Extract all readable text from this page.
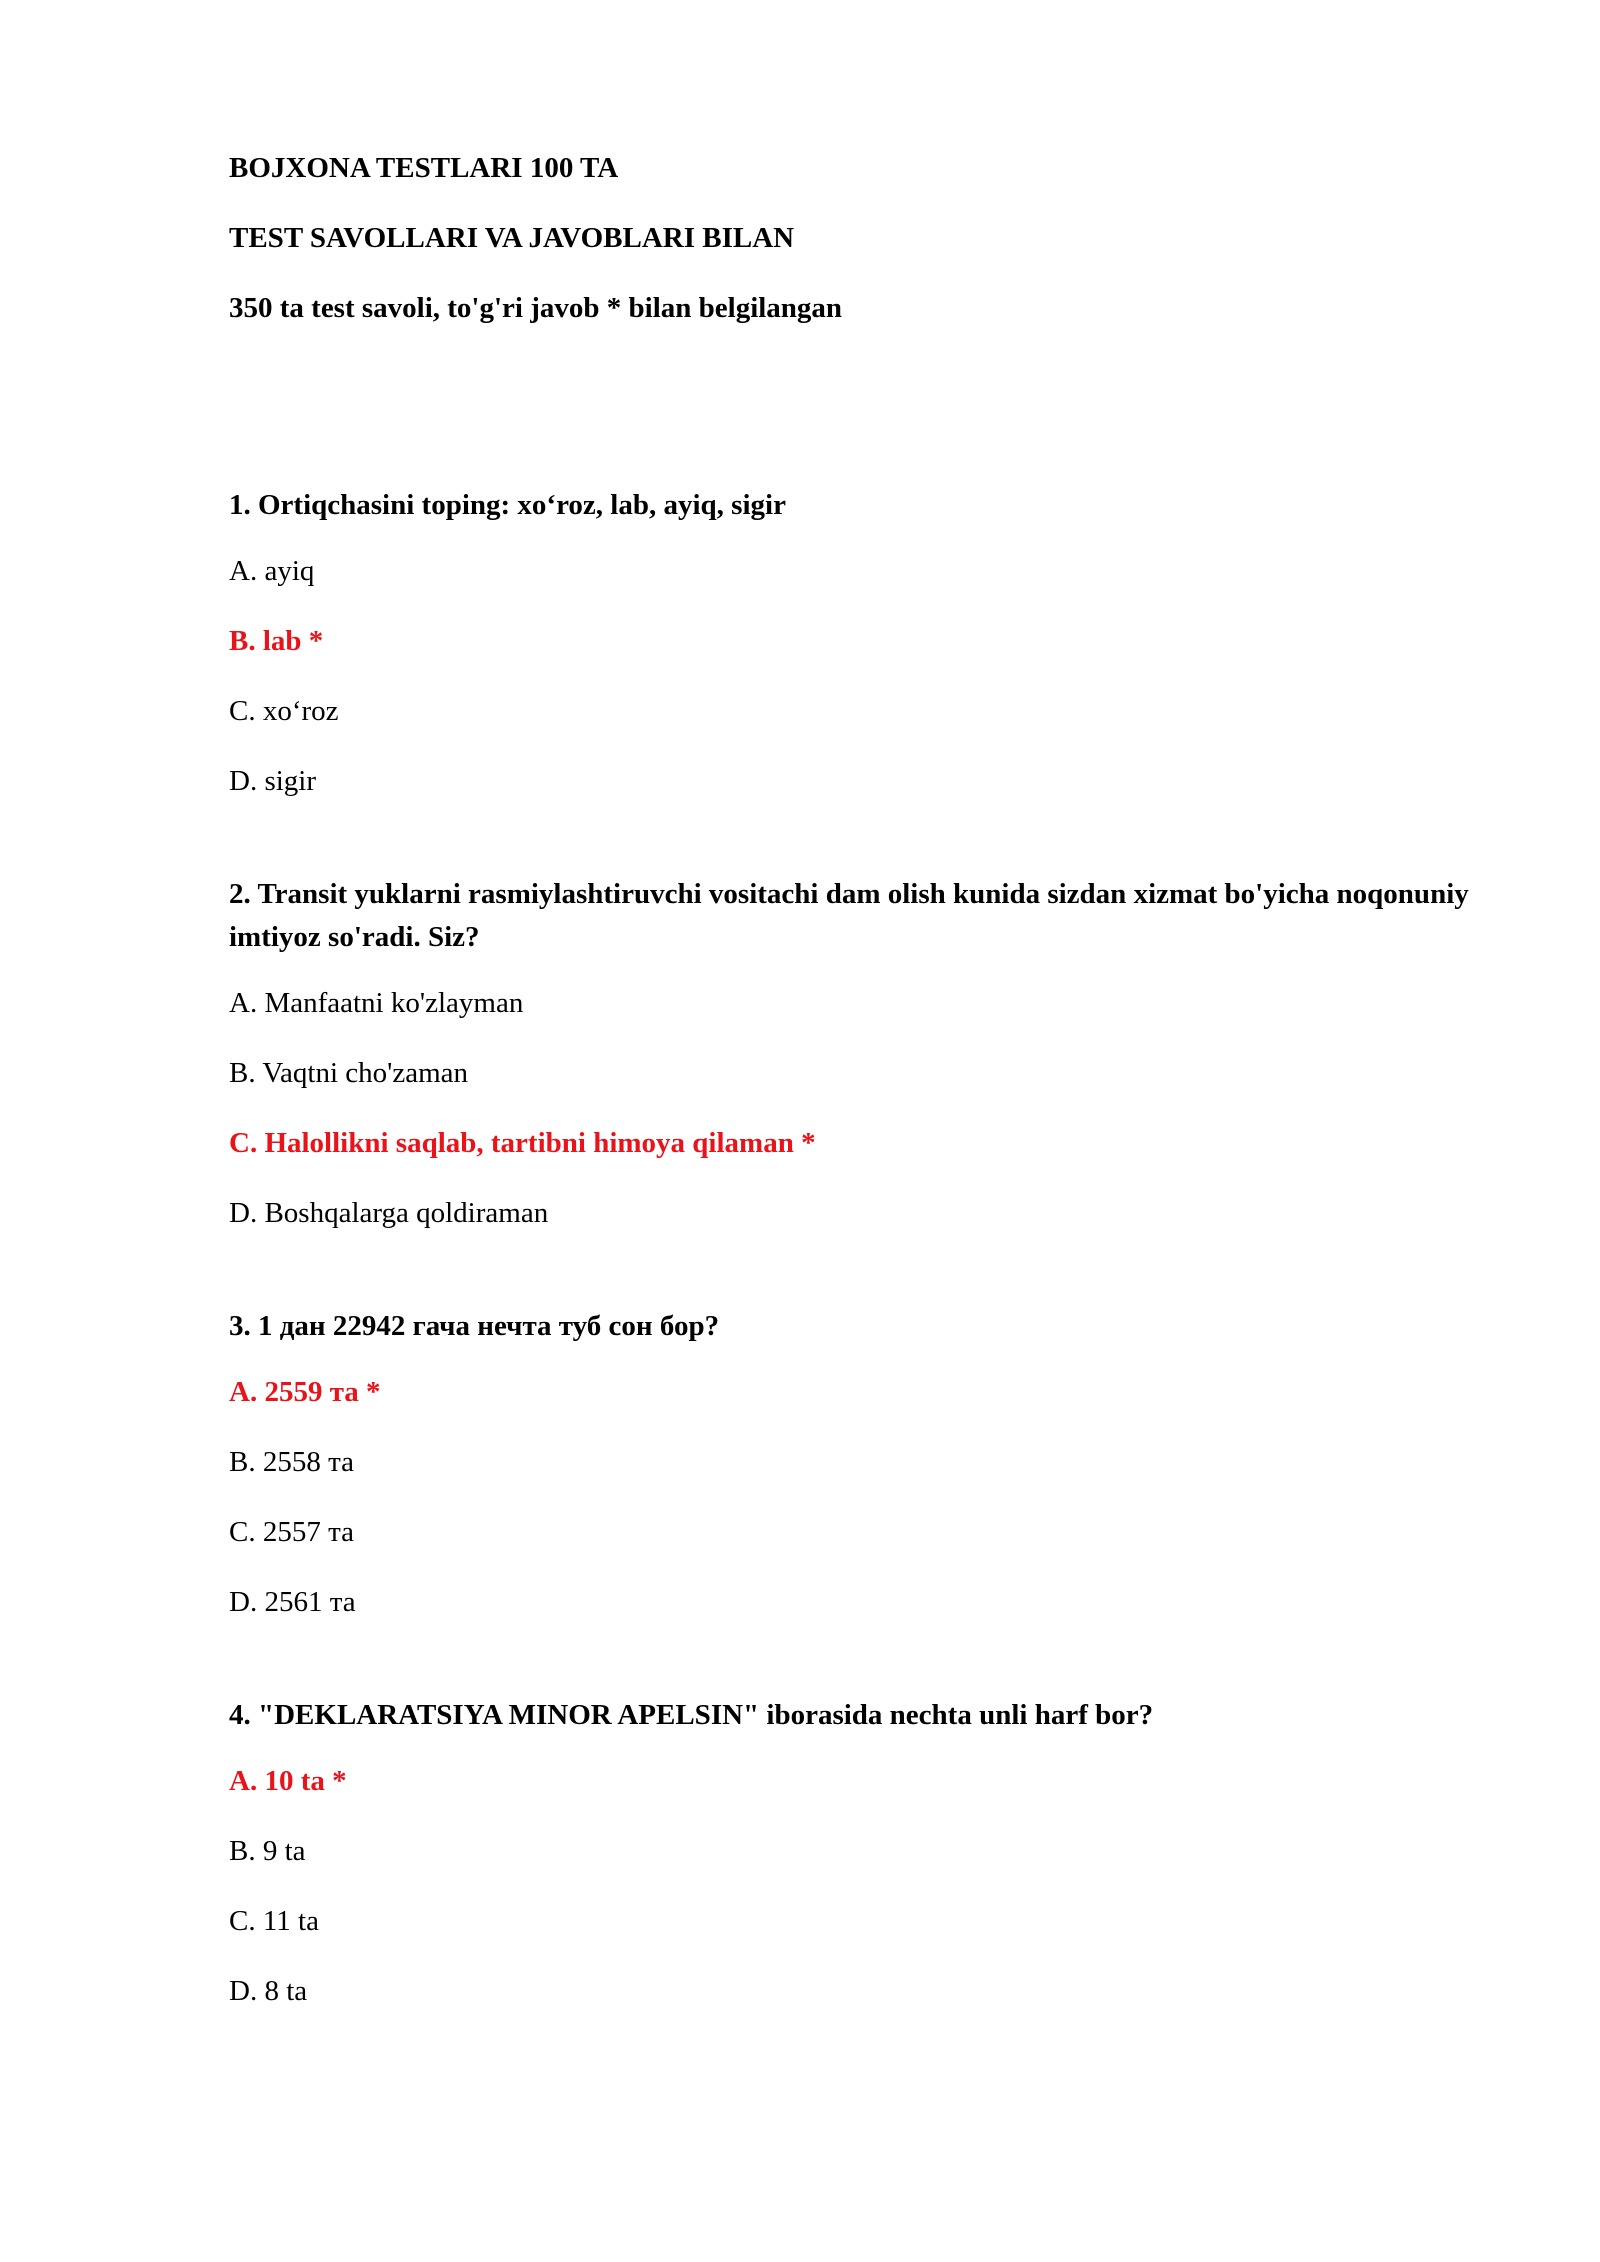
BOJXONA TESTLARI 100 TA
TEST SAVOLLARI VA JAVOBLARI BILAN
350 ta test savoli, to'g'ri javob * bilan belgilangan
1. Ortiqchasini toping: xo‘roz, lab, ayiq, sigir
A. ayiq
B. lab *
C. xo‘roz
D. sigir
2. Transit yuklarni rasmiylashtiruvchi vositachi dam olish kunida sizdan xizmat bo'yicha noqonuniy imtiyoz so'radi. Siz?
A. Manfaatni ko'zlayman
B. Vaqtni cho'zaman
C. Halollikni saqlab, tartibni himoya qilaman *
D. Boshqalarga qoldiraman
3. 1 дан 22942 гача нечта туб сон бор?
A. 2559 та *
B. 2558 та
C. 2557 та
D. 2561 та
4. "DEKLARATSIYA MINOR APELSIN" iborasida nechta unli harf bor?
A. 10 ta *
B. 9 ta
C. 11 ta
D. 8 ta
